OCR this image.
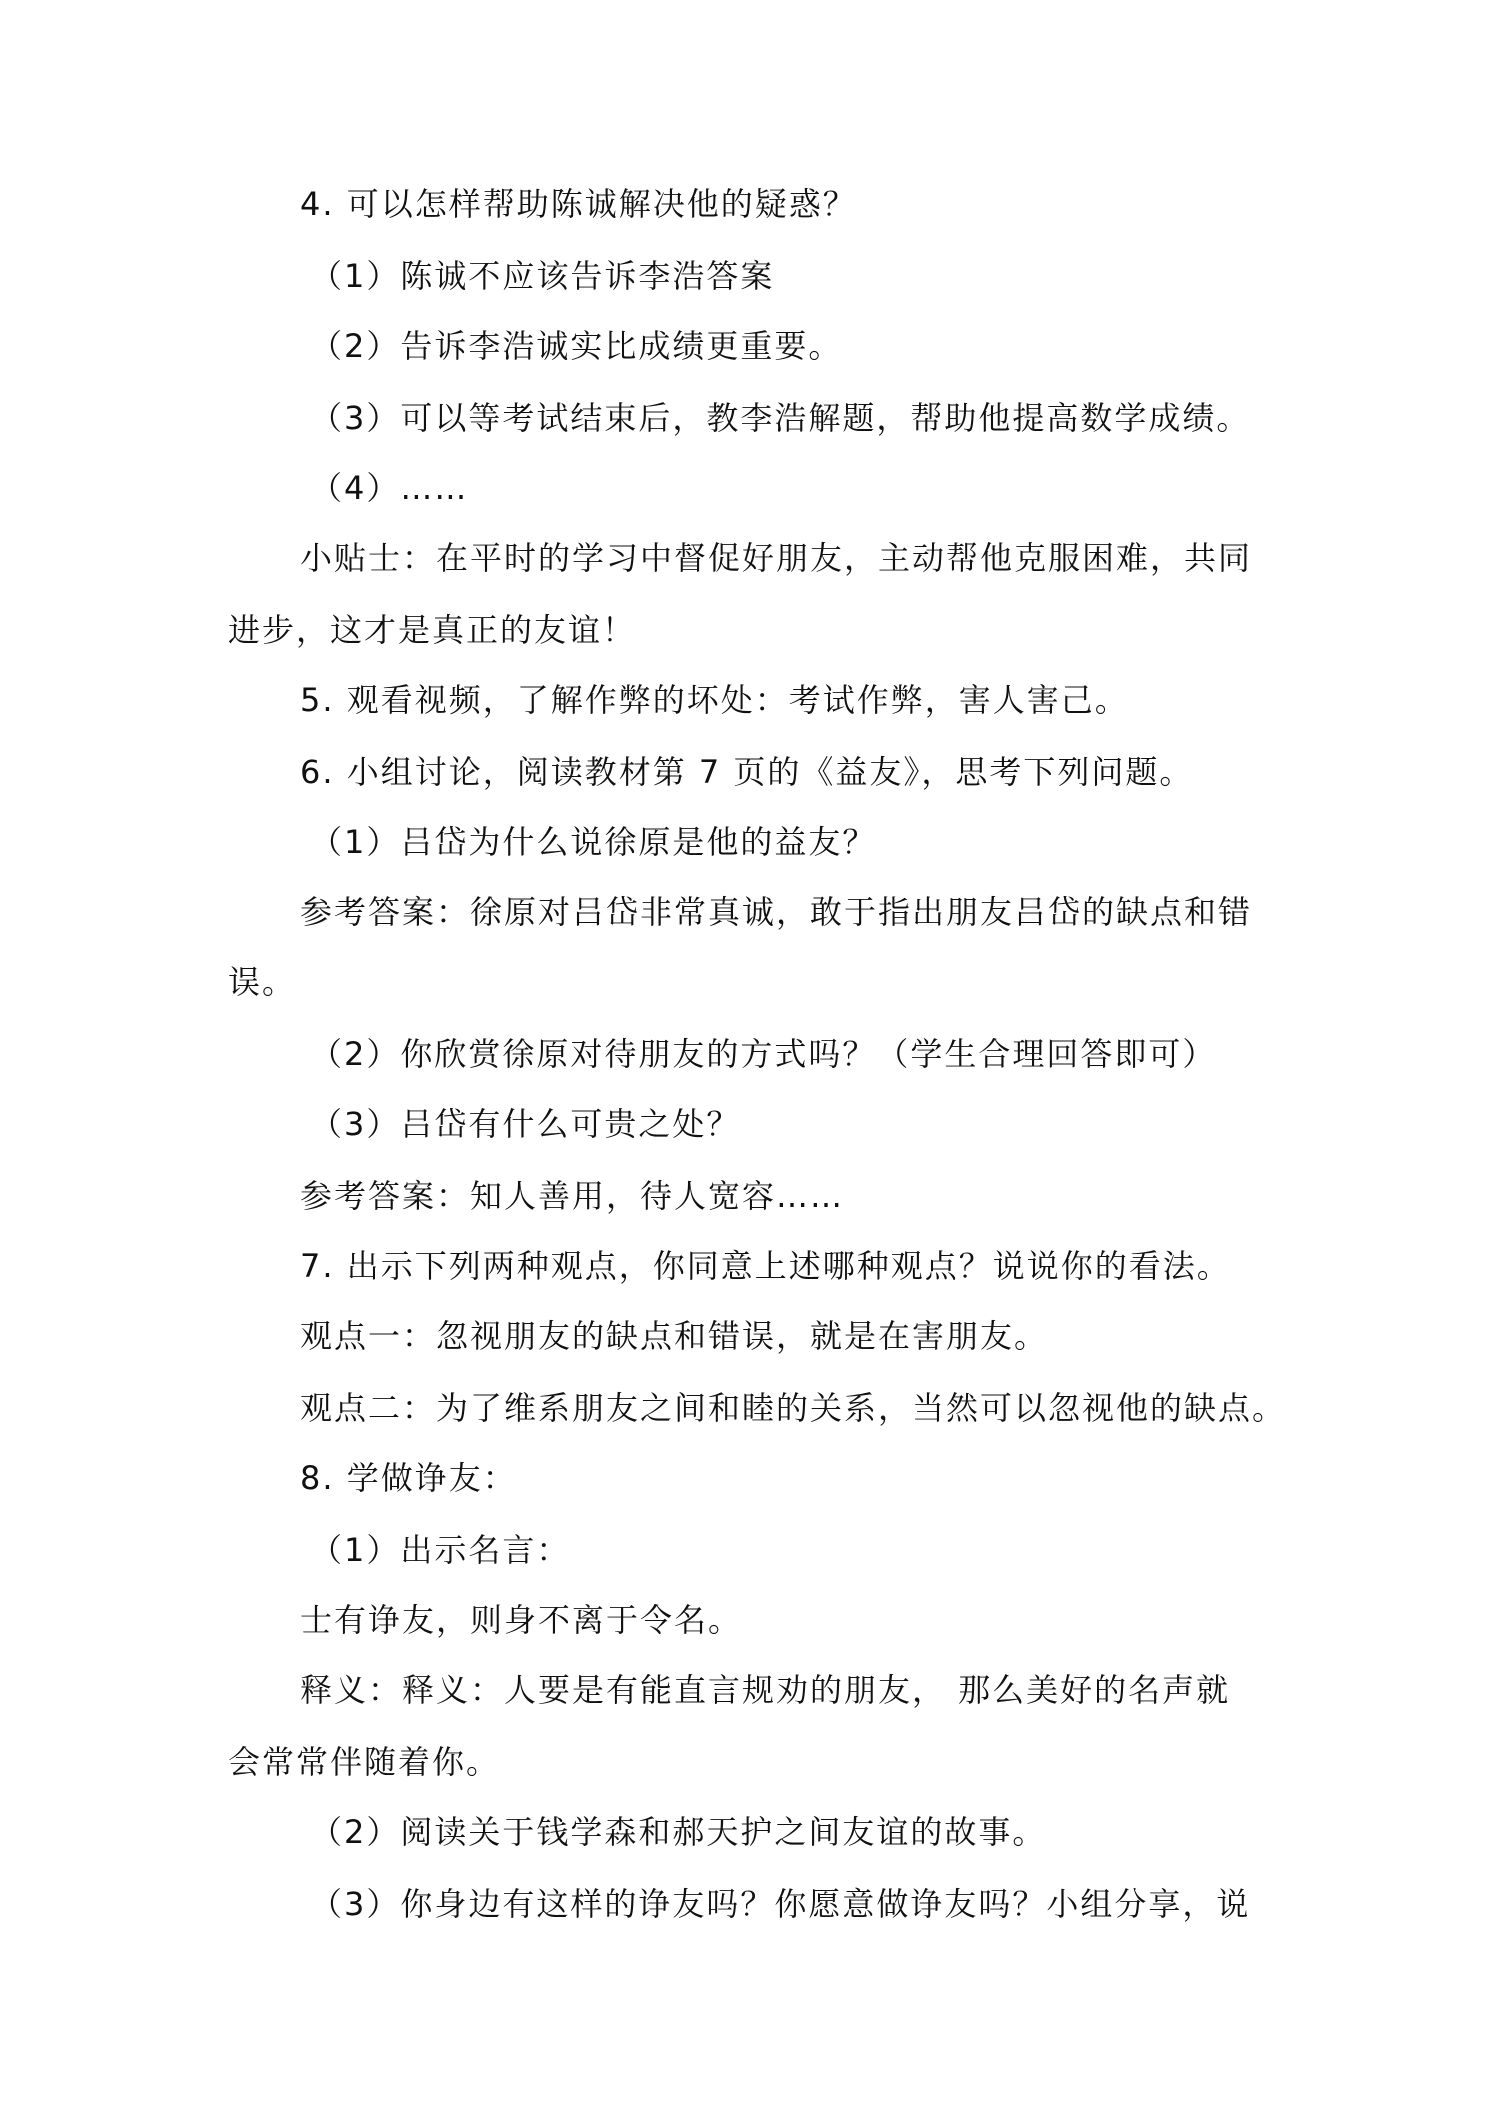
4. 可以怎样帮助陈诚解决他的疑惑？
（1）陈诚不应该告诉李浩答案
（2）告诉李浩诚实比成绩更重要。
（3）可以等考试结束后，教李浩解题，帮助他提高数学成绩。
（4）……
小贴士：在平时的学习中督促好朋友，主动帮他克服困难，共同
进步，这才是真正的友谊！
5. 观看视频，了解作弊的坏处：考试作弊，害人害己。
6. 小组讨论，阅读教材第 7 页的《益友》，思考下列问题。
（1）吕岱为什么说徐原是他的益友？
参考答案：徐原对吕岱非常真诚，敢于指出朋友吕岱的缺点和错
误。
（2）你欣赏徐原对待朋友的方式吗？（学生合理回答即可）
（3）吕岱有什么可贵之处？
参考答案：知人善用，待人宽容……
7. 出示下列两种观点，你同意上述哪种观点？说说你的看法。
观点一：忽视朋友的缺点和错误，就是在害朋友。
观点二：为了维系朋友之间和睦的关系，当然可以忽视他的缺点。
8. 学做诤友：
（1）出示名言：
士有诤友，则身不离于令名。
释义：释义：人要是有能直言规劝的朋友， 那么美好的名声就
会常常伴随着你。
（2）阅读关于钱学森和郝天护之间友谊的故事。
（3）你身边有这样的诤友吗？你愿意做诤友吗？小组分享，说
